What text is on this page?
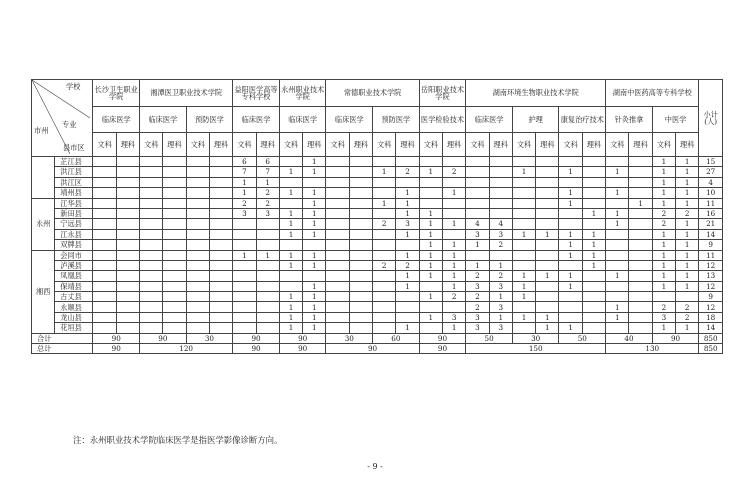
学校
专业
市州
县市区		长沙卫生职业学院		湘潭医卫职业技术学院				益阳医学高等专科学校		永州职业技术学院		常德职业技术学院				岳阳职业技术学院		湖南环境生物职业技术学院						湖南中医药高等专科学校				小计(人)
		临床医学		临床医学		预防医学		临床医学		临床医学		临床医学		预防医学		医学检验技术		临床医学		护理		康复治疗技术		针灸推拿		中医学		
		文科	理科	文科	理科	文科	理科	文科	理科	文科	理科	文科	理科	文科	理科	文科	理科	文科	理科	文科	理科	文科	理科	文科	理科	文科	理科	
	芷江县							6	6		1															1	1	15
	洪江县							7	7	1	1			1	2	1	2			1		1		1		1	1	27
	洪江区							1	1																	1	1	4
	靖州县							1	2	1	1				1		1					1		1		1	1	10
永州	江华县							2	2		1			1	1							1			1	1	1	11
	新田县							3	3	1	1				1	1							1	1		2	2	16
	宁远县									1	1			2	3	1	1	4	4					1		2	1	21
	江永县									1	1				1	1		3	3	1	1	1	1			1	1	14
	双牌县															1	1	1	2			1	1			1	1	9
湘西	会同市							1	1	1	1				1	1	1					1	1			1	1	11
	泸溪县									1	1			2	2	1	1	1	1				1			1	1	12
	凤凰县														1	1	1	2	2	1	1	1		1		1	1	13
	保靖县										1				1		1	3	3	1		1				1	1	12
	古丈县									1	1					1	2	2	1	1								9
	永顺县									1	1							2	3					1		2	2	12
	龙山县									1	1					1	3	3	1	1	1			1		3	2	18
	花垣县									1	1				1		1	3	3		1	1				1	1	14
合计		90		90		30		90		90		30		60		90		50		30		50		40		90		850
总计		90		120				90		90		90				90		150						130				850
注：永州职业技术学院临床医学是指医学影像诊断方向。
- 9 -
